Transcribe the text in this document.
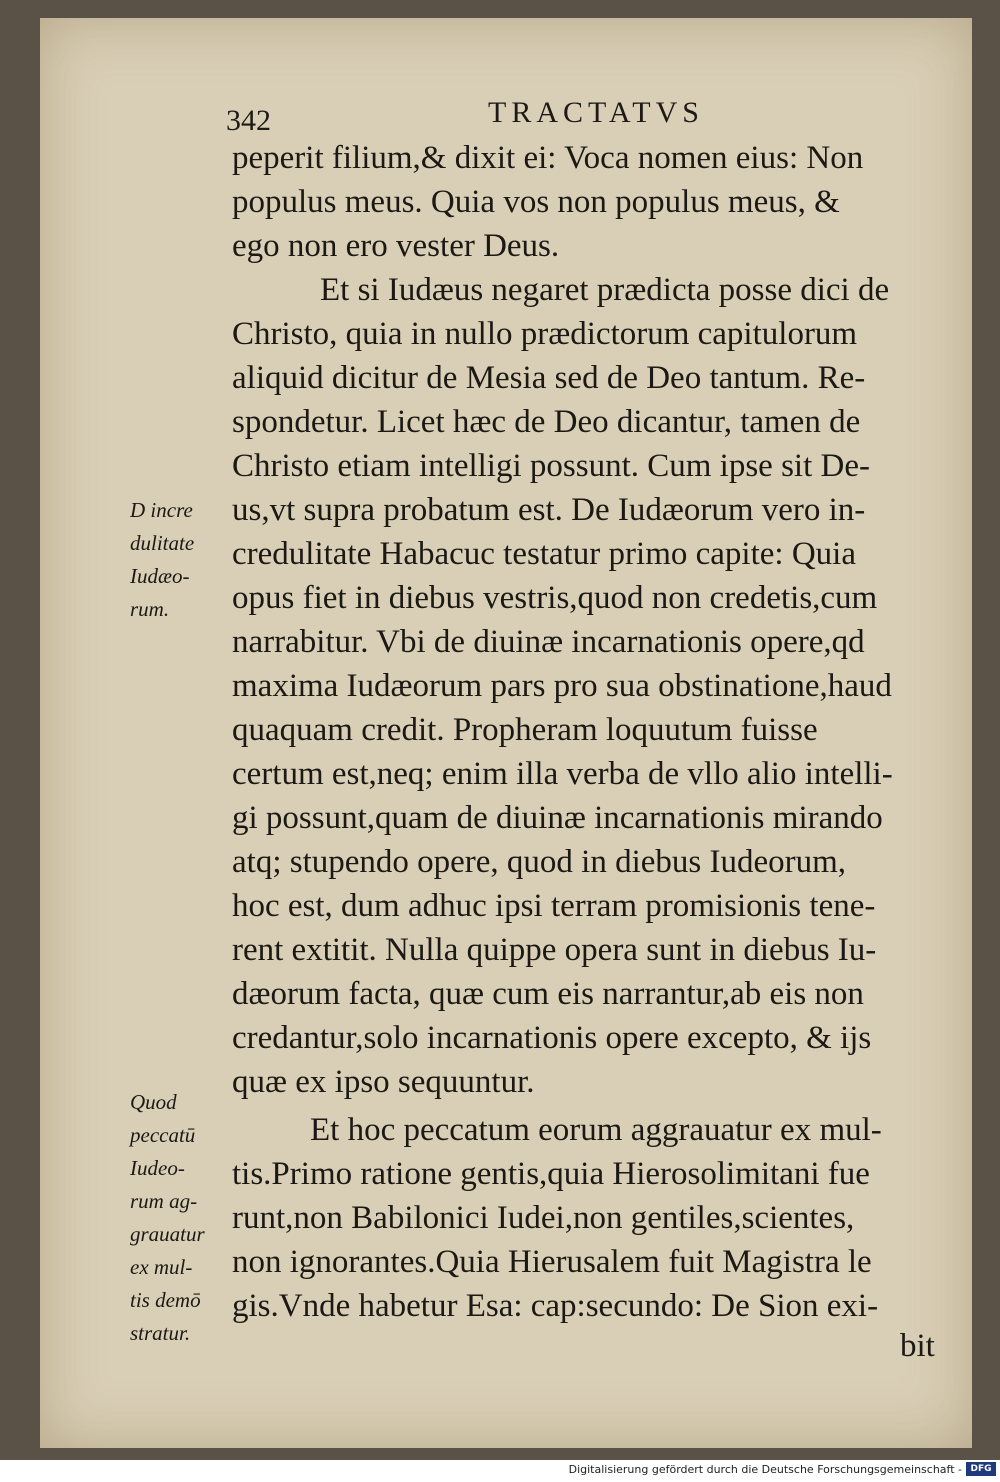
342	TRACTATVS
peperit filium,& dixit ei: Voca nomen eius: Non
populus meus. Quia vos non populus meus, &
ego non ero vester Deus.
Et si Iudæus negaret prædicta posse dici de
Christo, quia in nullo prædictorum capitulorum
aliquid dicitur de Mesia sed de Deo tantum. Re-
spondetur. Licet hæc de Deo dicantur, tamen de
Christo etiam intelligi possunt. Cum ipse sit De-
us,vt supra probatum est. De Iudæorum vero in-
credulitate Habacuc testatur primo capite: Quia
opus fiet in diebus vestris,quod non credetis,cum
narrabitur. Vbi de diuinæ incarnationis opere,qd
maxima Iudæorum pars pro sua obstinatione,haud
quaquam credit. Propheram loquutum fuisse
certum est,neq; enim illa verba de vllo alio intelli-
gi possunt,quam de diuinæ incarnationis mirando
atq; stupendo opere, quod in diebus Iudeorum,
hoc est, dum adhuc ipsi terram promisionis tene-
rent extitit. Nulla quippe opera sunt in diebus Iu-
dæorum facta, quæ cum eis narrantur,ab eis non
credantur,solo incarnationis opere excepto, & ijs
quæ ex ipso sequuntur.
Et hoc peccatum eorum aggrauatur ex mul-
tis.Primo ratione gentis,quia Hierosolimitani fue
runt,non Babilonici Iudei,non gentiles,scientes,
non ignorantes.Quia Hierusalem fuit Magistra le
gis.Vnde habetur Esa: cap:secundo: De Sion exi-
bit
D incre
dulitate
Iudæo-
rum.
Quod
peccatū
Iudeo-
rum ag-
grauatur
ex mul-
tis demō
stratur.
Digitalisierung gefördert durch die Deutsche Forschungsgemeinschaft - DFG
